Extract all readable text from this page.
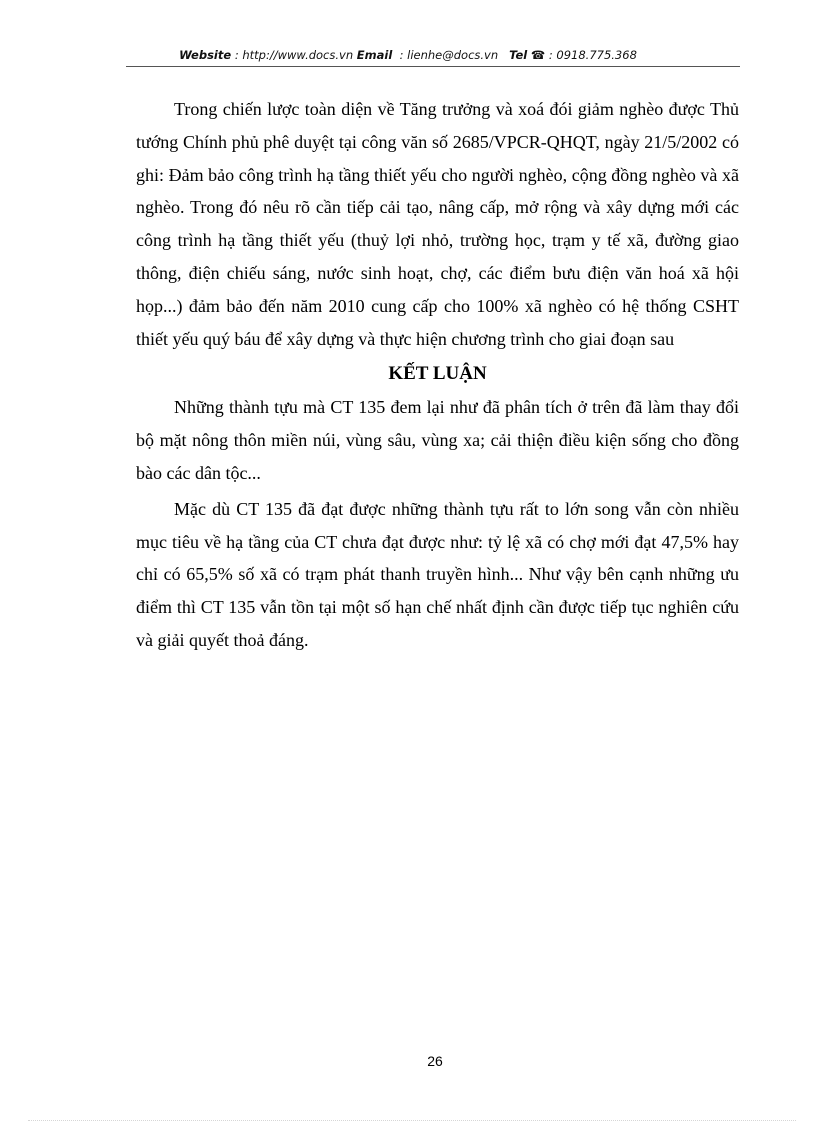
Website : http://www.docs.vn Email  : lienhe@docs.vn Tel ☎ : 0918.775.368

Trong chiến lược toàn diện về Tăng trưởng và xoá đói giảm nghèo được Thủ tướng Chính phủ phê duyệt tại công văn số 2685/VPCR-QHQT, ngày 21/5/2002 có ghi: Đảm bảo công trình hạ tầng thiết yếu cho người nghèo, cộng đồng nghèo và xã nghèo. Trong đó nêu rõ cần tiếp cải tạo, nâng cấp, mở rộng và xây dựng mới các công trình hạ tầng thiết yếu (thuỷ lợi nhỏ, trường học, trạm y tế xã, đường giao thông, điện chiếu sáng, nước sinh hoạt, chợ, các điểm bưu điện văn hoá xã hội họp...) đảm bảo đến năm 2010 cung cấp cho 100% xã nghèo có hệ thống CSHT thiết yếu quý báu để xây dựng và thực hiện chương trình cho giai đoạn sau

KẾT LUẬN

Những thành tựu mà CT 135 đem lại như đã phân tích ở trên đã làm thay đổi bộ mặt nông thôn miền núi, vùng sâu, vùng xa; cải thiện điều kiện sống cho đồng bào các dân tộc...

Mặc dù CT 135 đã đạt được những thành tựu rất to lớn song vẫn còn nhiều mục tiêu về hạ tầng của CT chưa đạt được như: tỷ lệ xã có chợ mới đạt 47,5% hay chỉ có 65,5% số xã có trạm phát thanh truyền hình... Như vậy bên cạnh những ưu điểm thì CT 135 vẫn tồn tại một số hạn chế nhất định cần được tiếp tục nghiên cứu và giải quyết thoả đáng.

26
